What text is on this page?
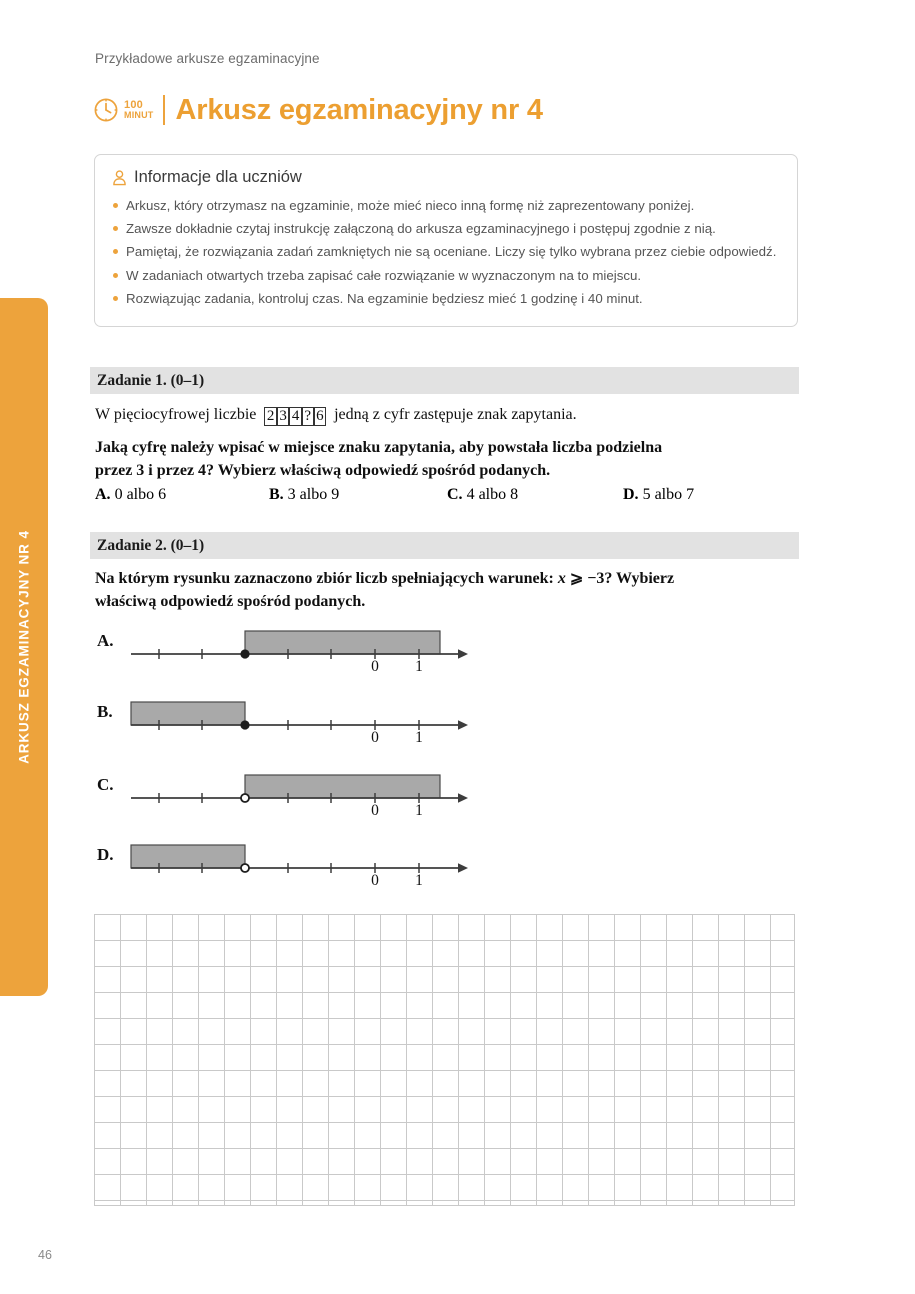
ARKUSZ EGZAMINACYJNY NR 4
Przykładowe arkusze egzaminacyjne
100
MINUT Arkusz egzaminacyjny nr 4
Informacje dla uczniów
Arkusz, który otrzymasz na egzaminie, może mieć nieco inną formę niż zaprezentowany poniżej.
Zawsze dokładnie czytaj instrukcję załączoną do arkusza egzaminacyjnego i postępuj zgodnie z nią.
Pamiętaj, że rozwiązania zadań zamkniętych nie są oceniane. Liczy się tylko wybrana przez ciebie odpowiedź.
W zadaniach otwartych trzeba zapisać całe rozwiązanie w wyznaczonym na to miejscu.
Rozwiązując zadania, kontroluj czas. Na egzaminie będziesz mieć 1 godzinę i 40 minut.
Zadanie 1. (0–1)
W pięciocyfrowej liczbie 2 3 4 ? 6 jedną z cyfr zastępuje znak zapytania.
Jaką cyfrę należy wpisać w miejsce znaku zapytania, aby powstała liczba podzielna
przez 3 i przez 4? Wybierz właściwą odpowiedź spośród podanych.
A. 0 albo 6	B. 3 albo 9	C. 4 albo 8	D. 5 albo 7
Zadanie 2. (0–1)
Na którym rysunku zaznaczono zbiór liczb spełniających warunek: x ⩾ −3? Wybierz
właściwą odpowiedź spośród podanych.
A.
0 1
B.
0 1
C.
0 1
D.
0 1
46
